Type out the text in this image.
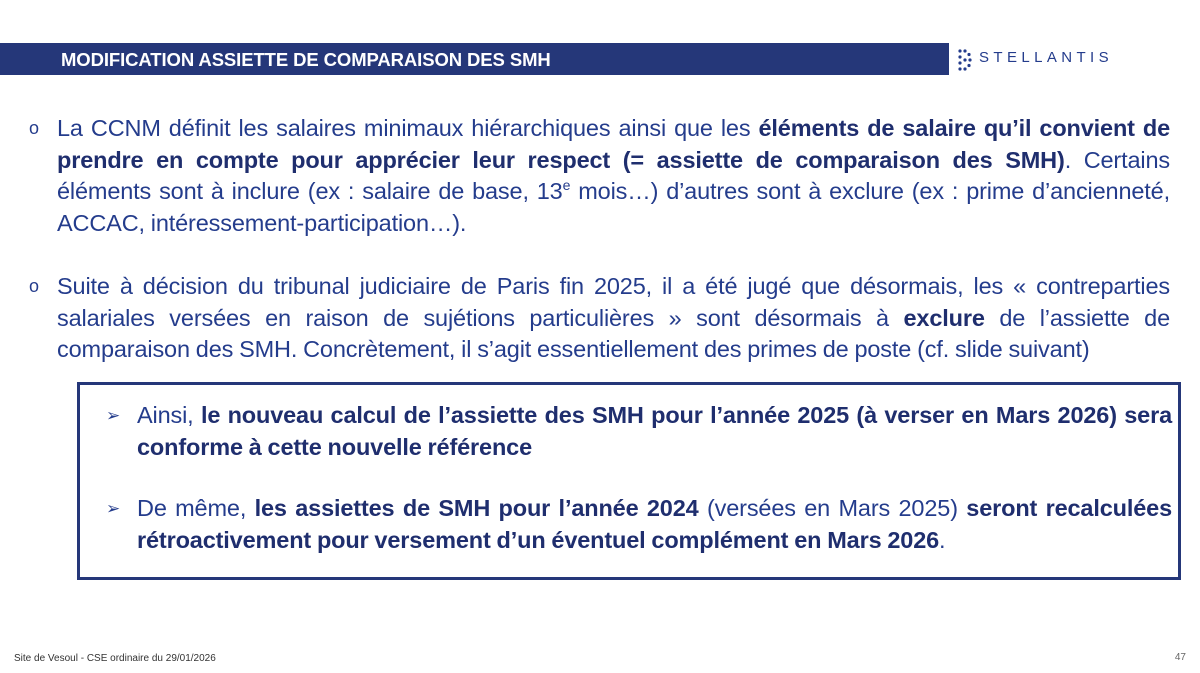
MODIFICATION ASSIETTE DE COMPARAISON DES SMH	STELLANTIS
o La CCNM définit les salaires minimaux hiérarchiques ainsi que les éléments de salaire qu’il convient de prendre en compte pour apprécier leur respect (= assiette de comparaison des SMH). Certains éléments sont à inclure (ex : salaire de base, 13e mois…) d’autres sont à exclure (ex : prime d’ancienneté, ACCAC, intéressement-participation…).
o Suite à décision du tribunal judiciaire de Paris fin 2025, il a été jugé que désormais, les « contreparties salariales versées en raison de sujétions particulières » sont désormais à exclure de l’assiette de comparaison des SMH. Concrètement, il s’agit essentiellement des primes de poste (cf. slide suivant)
➢ Ainsi, le nouveau calcul de l’assiette des SMH pour l’année 2025 (à verser en Mars 2026) sera conforme à cette nouvelle référence
➢ De même, les assiettes de SMH pour l’année 2024 (versées en Mars 2025) seront recalculées rétroactivement pour versement d’un éventuel complément en Mars 2026.
Site de Vesoul - CSE ordinaire du 29/01/2026	47
